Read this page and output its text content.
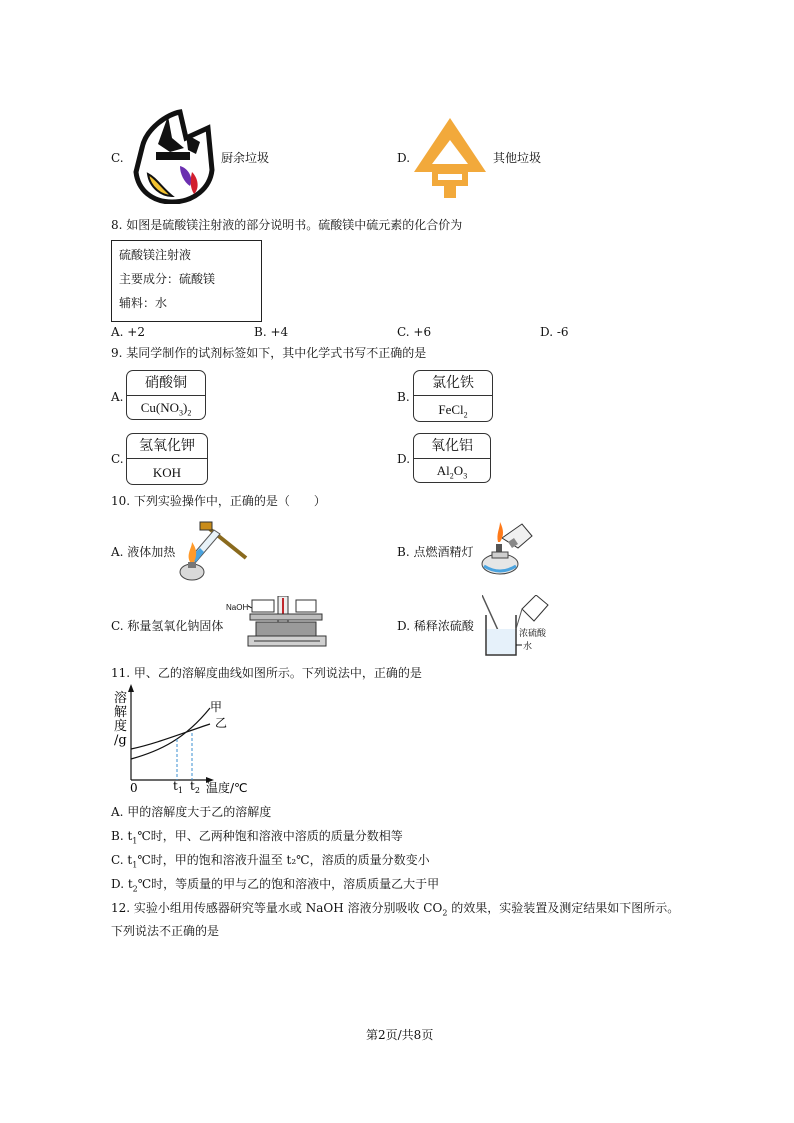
C.	厨余垃圾	D.	其他垃圾
8. 如图是硫酸镁注射液的部分说明书。硫酸镁中硫元素的化合价为
硫酸镁注射液
主要成分：硫酸镁
辅料：水
A. +2	B. +4	C. +6	D. -6
9. 某同学制作的试剂标签如下，其中化学式书写不正确的是
A.
硝酸铜
$Cu(NO_3)_2$
B.
氯化铁
FeCl$_2$
C.
氢氧化钾
KOH
D.
氧化铝
$Al_2O_3$
10. 下列实验操作中，正确的是（　　）
A. 液体加热	B. 点燃酒精灯
C. 称量氢氧化钠固体
NaOH
D. 稀释浓硫酸
浓硫酸
水
11. 甲、乙的溶解度曲线如图所示。下列说法中，正确的是
溶
解
度
/g
0
甲
乙
$t_1$ $t_2$ 温度/℃
A. 甲的溶解度大于乙的溶解度
B. $t_1℃$时，甲、乙两种饱和溶液中溶质的质量分数相等
C. $t_1℃$时，甲的饱和溶液升温至 t₂℃，溶质的质量分数变小
D. $t_2℃$时，等质量的甲与乙的饱和溶液中，溶质质量乙大于甲
12. 实验小组用传感器研究等量水或 NaOH 溶液分别吸收 $CO_2$ 的效果，实验装置及测定结果如下图所示。
下列说法不正确的是
第2页/共8页
